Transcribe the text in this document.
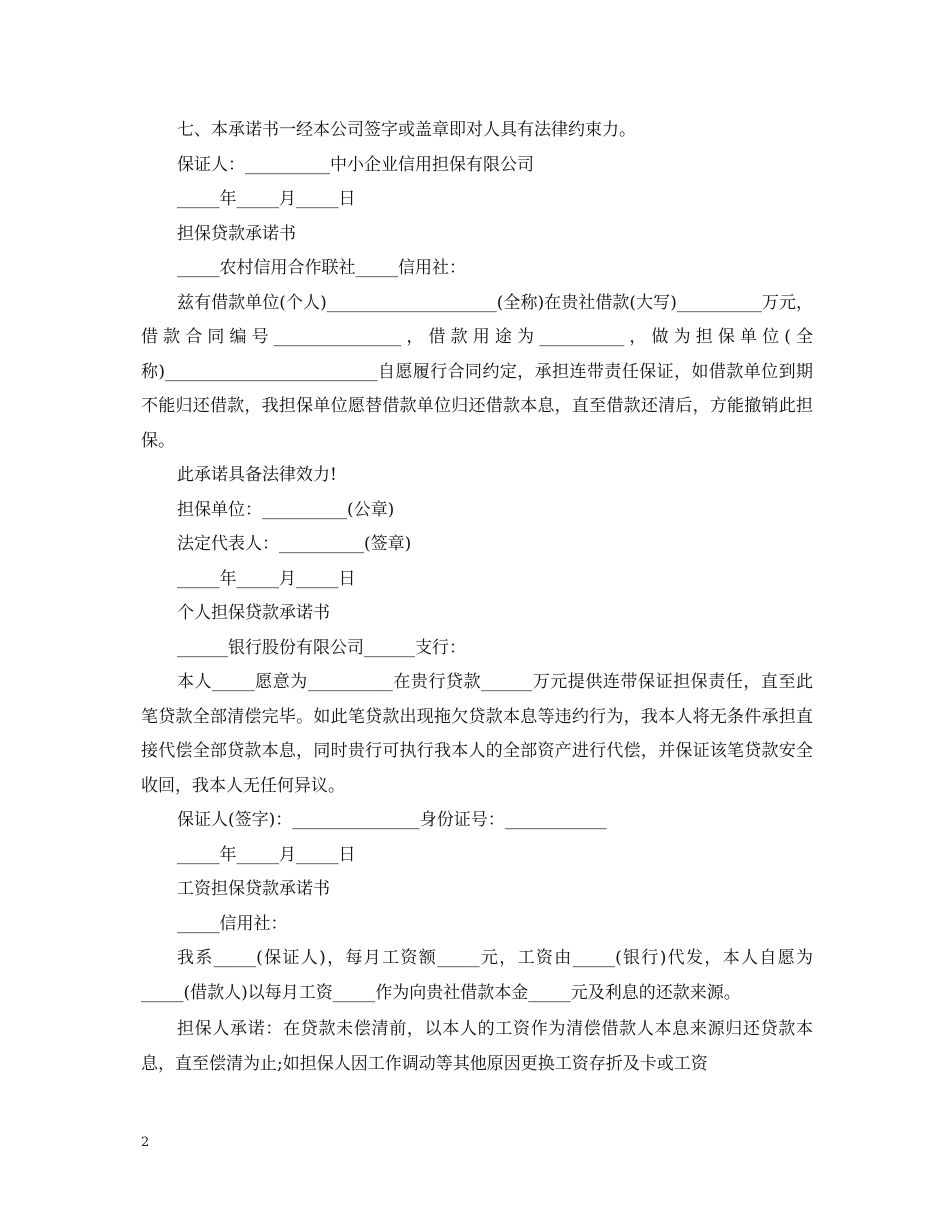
七、本承诺书一经本公司签字或盖章即对人具有法律约束力。

保证人：__________中小企业信用担保有限公司

_____年_____月_____日

担保贷款承诺书

_____农村信用合作联社_____信用社：

兹有借款单位(个人)____________________(全称)在贵社借款(大写)__________万元，借款合同编号_______________，借款用途为__________，做为担保单位(全称)_________________________自愿履行合同约定，承担连带责任保证，如借款单位到期不能归还借款，我担保单位愿替借款单位归还借款本息，直至借款还清后，方能撤销此担保。

此承诺具备法律效力!

担保单位：__________(公章)

法定代表人：__________(签章)

_____年_____月_____日

个人担保贷款承诺书

______银行股份有限公司______支行：

本人_____愿意为__________在贵行贷款______万元提供连带保证担保责任，直至此笔贷款全部清偿完毕。如此笔贷款出现拖欠贷款本息等违约行为，我本人将无条件承担直接代偿全部贷款本息，同时贵行可执行我本人的全部资产进行代偿，并保证该笔贷款安全收回，我本人无任何异议。

保证人(签字)：_______________身份证号：____________

_____年_____月_____日

工资担保贷款承诺书

_____信用社：

我系_____(保证人)，每月工资额_____元，工资由_____(银行)代发，本人自愿为_____(借款人)以每月工资_____作为向贵社借款本金_____元及利息的还款来源。

担保人承诺：在贷款未偿清前，以本人的工资作为清偿借款人本息来源归还贷款本息，直至偿清为止;如担保人因工作调动等其他原因更换工资存折及卡或工资

2
